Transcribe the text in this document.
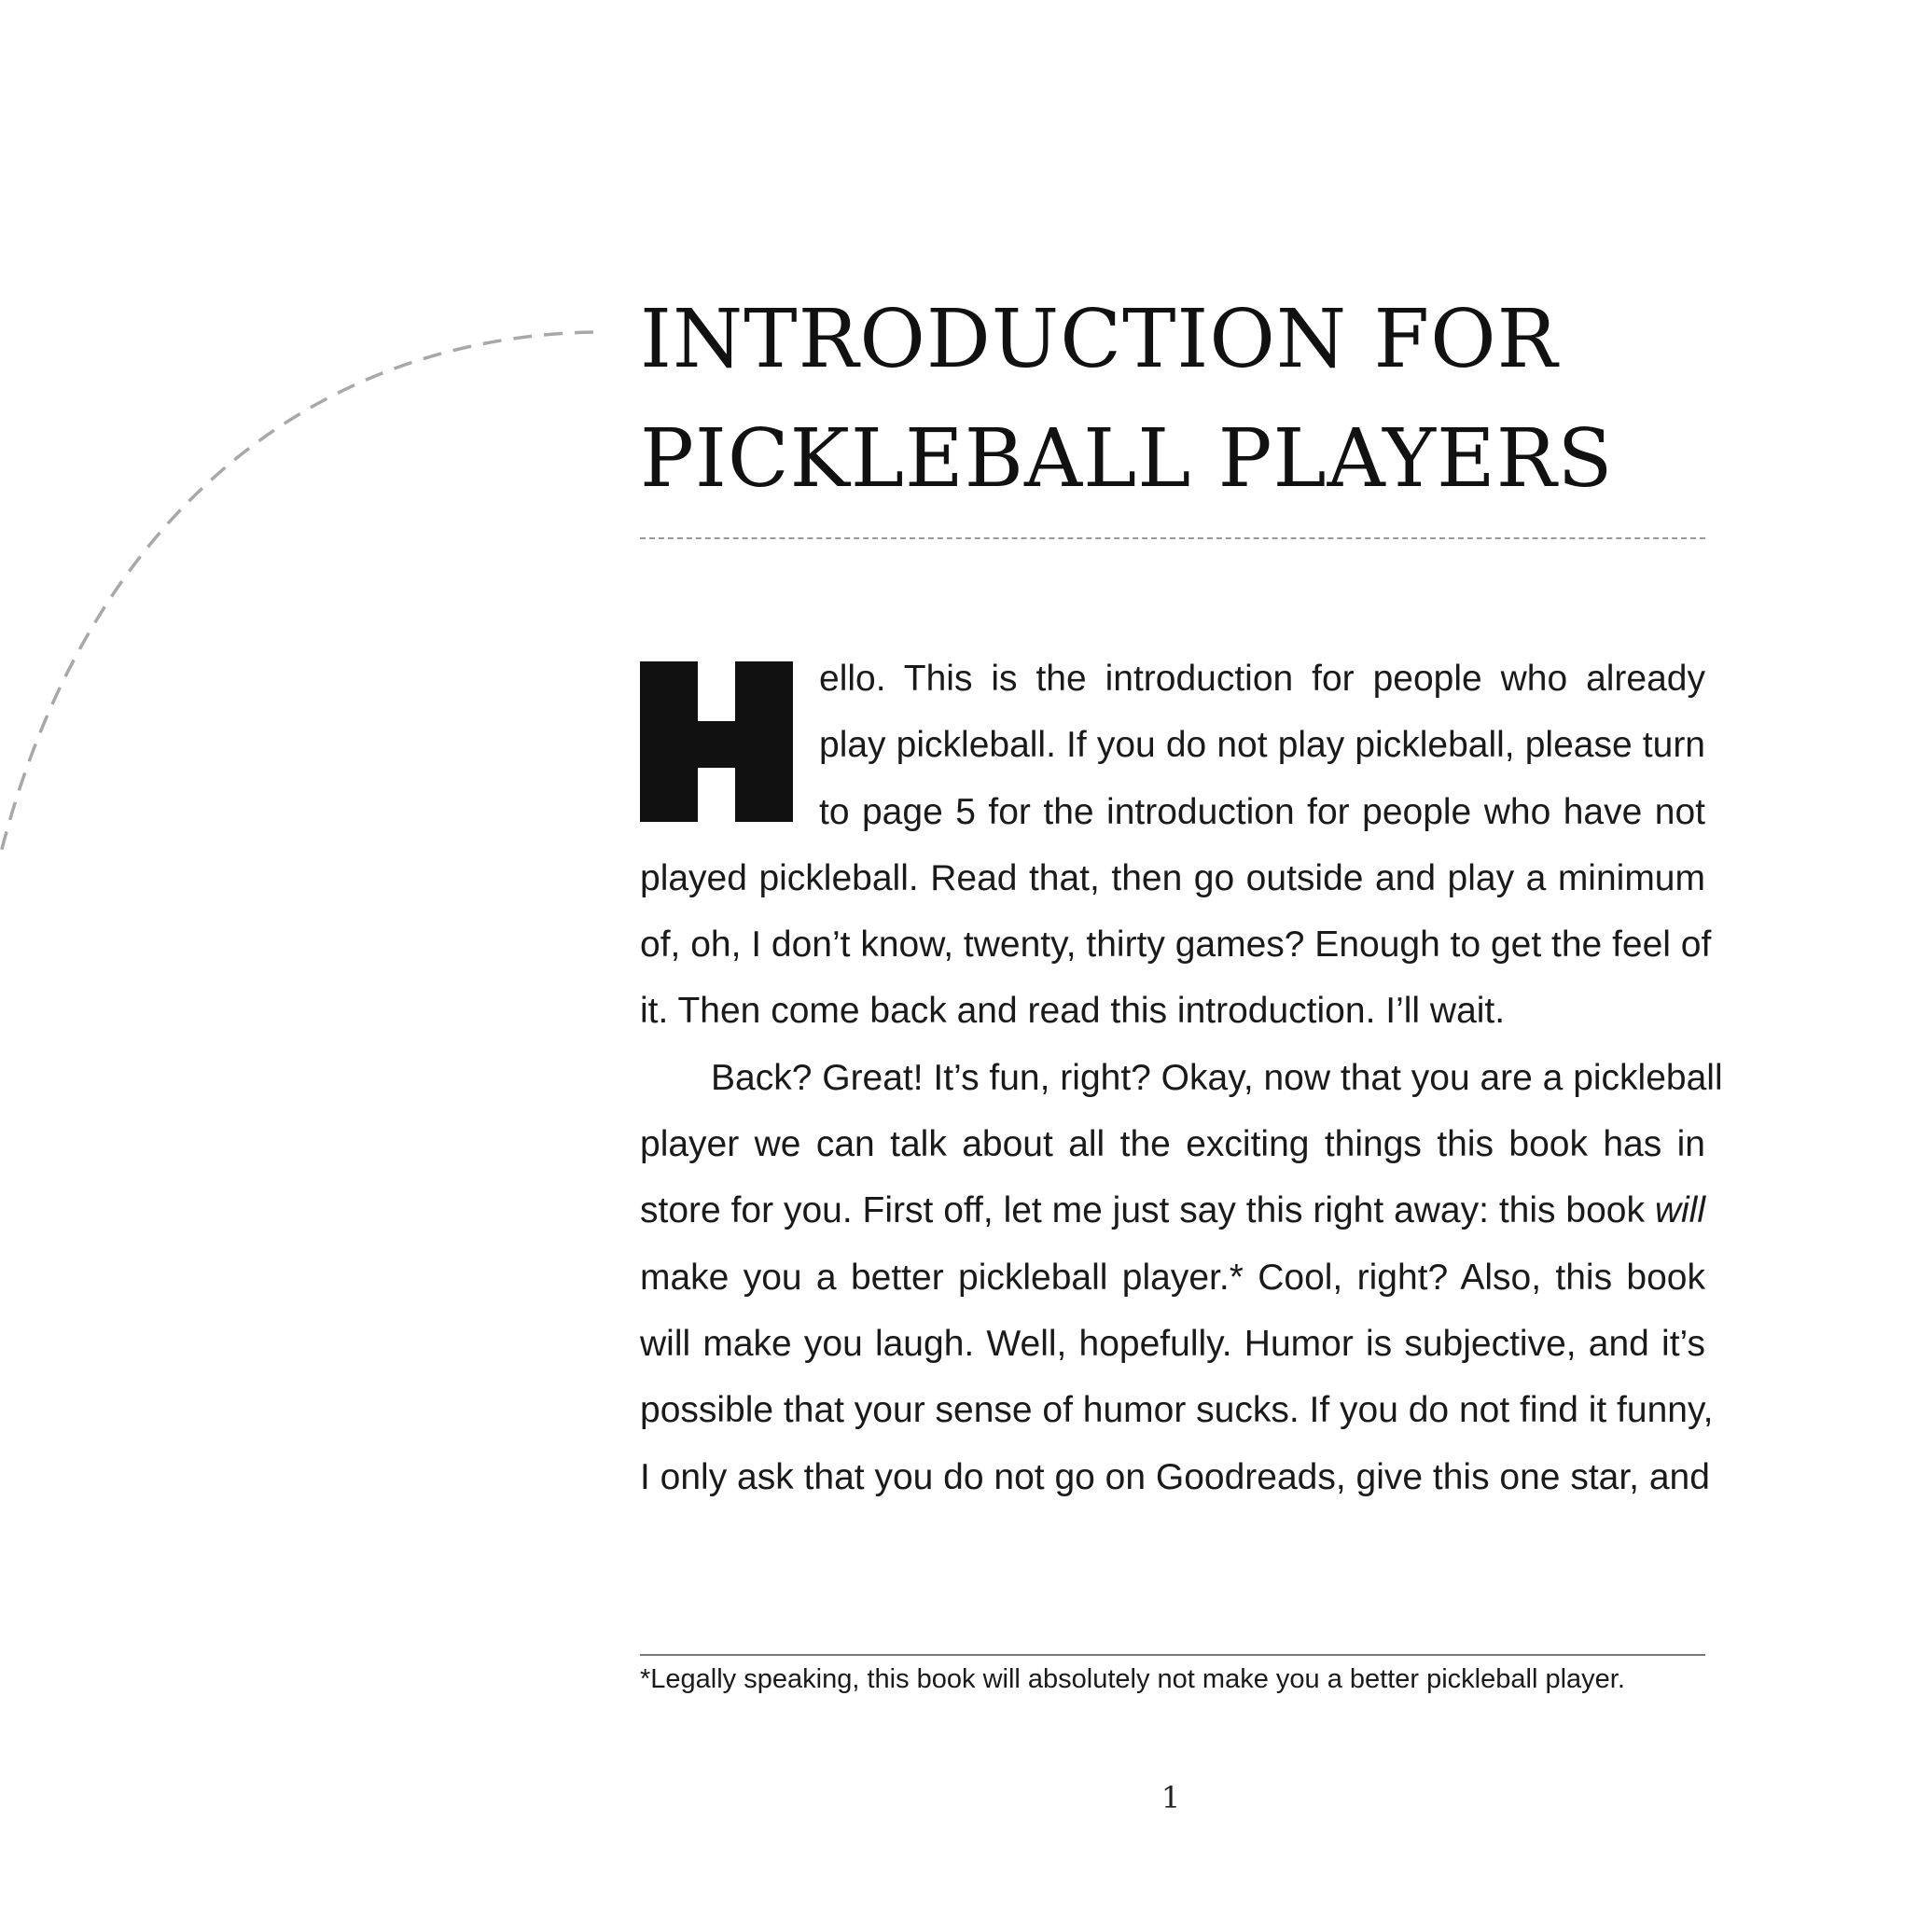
INTRODUCTION FOR
PICKLEBALL PLAYERS
ello. This is the introduction for people who already
play pickleball. If you do not play pickleball, please turn
to page 5 for the introduction for people who have not
played pickleball. Read that, then go outside and play a minimum
of, oh, I don’t know, twenty, thirty games? Enough to get the feel of
it. Then come back and read this introduction. I’ll wait.
Back? Great! It’s fun, right? Okay, now that you are a pickleball
player we can talk about all the exciting things this book has in
store for you. First off, let me just say this right away: this book will
make you a better pickleball player.* Cool, right? Also, this book
will make you laugh. Well, hopefully. Humor is subjective, and it’s
possible that your sense of humor sucks. If you do not find it funny,
I only ask that you do not go on Goodreads, give this one star, and
*Legally speaking, this book will absolutely not make you a better pickleball player.
1
